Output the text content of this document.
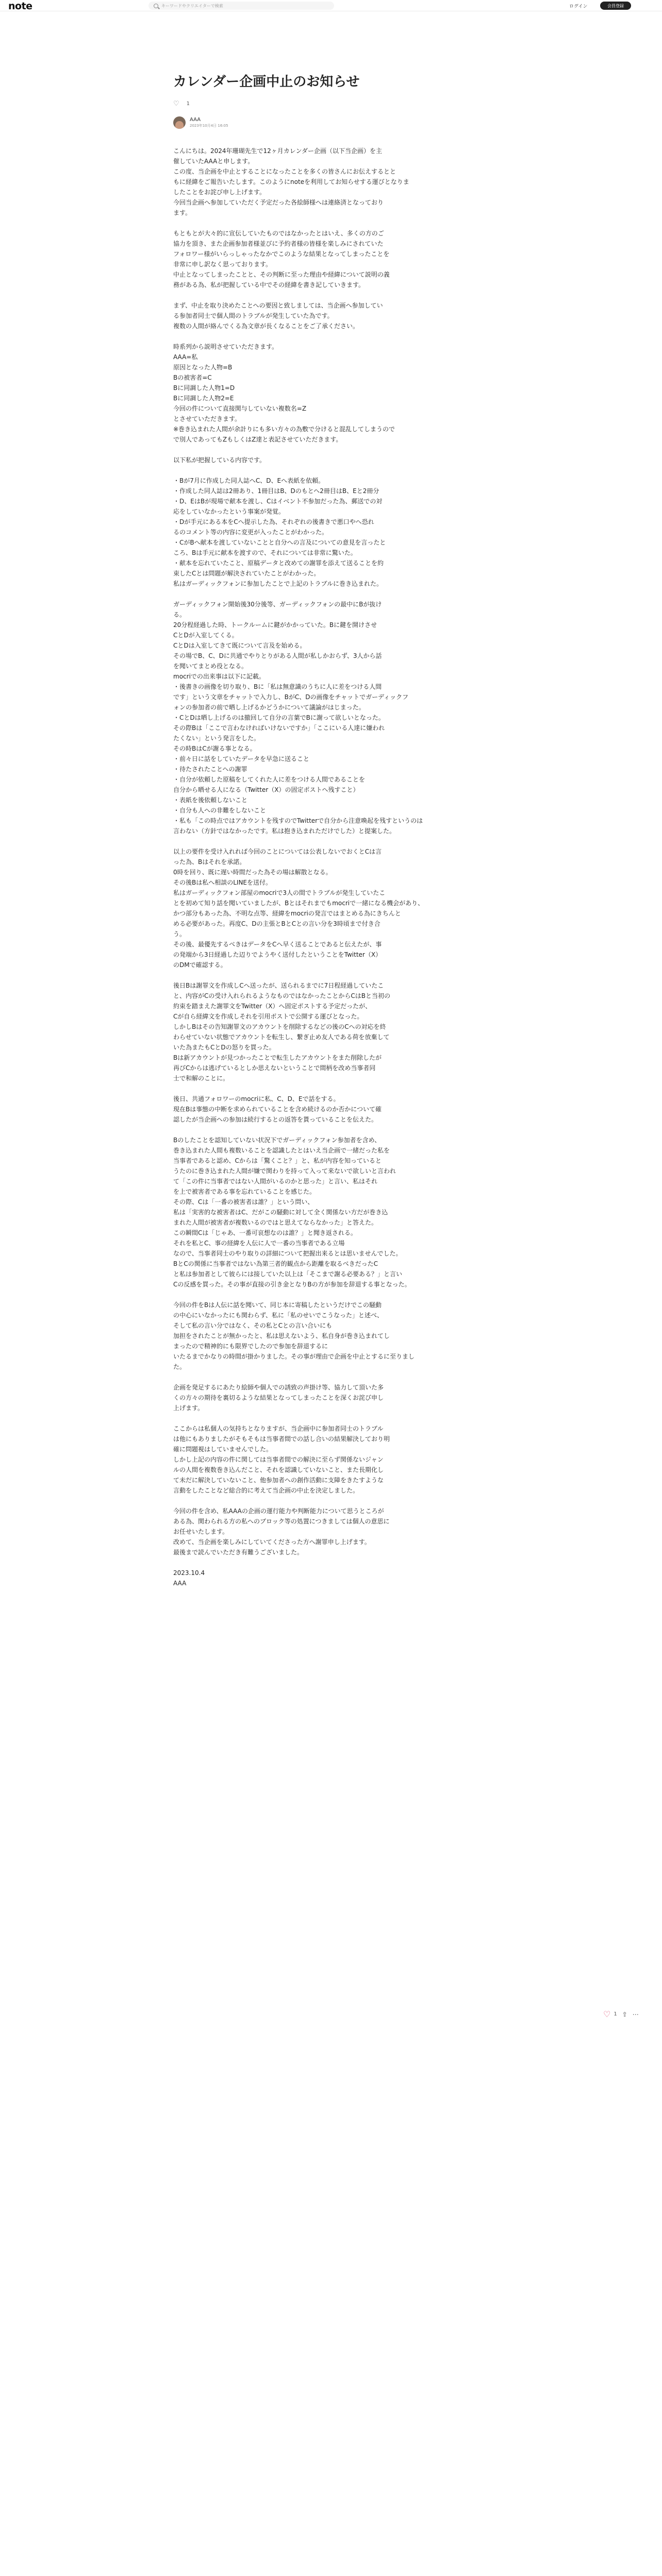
note	キーワードやクリエイターで検索	ログイン	会員登録
カレンダー企画中止のお知らせ
♡ 1
AAA
2023年10月4日 16:05

こんにちは。2024年珊瑚先生で12ヶ月カレンダー企画（以下当企画）を主
催していたAAAと申します。
この度、当企画を中止とすることになったことを多くの皆さんにお伝えするとと
もに経緯をご報告いたします。このようにnoteを利用してお知らせする運びとなりま
したことをお詫び申し上げます。
今回当企画へ参加していただく予定だった各絵師様へは連絡済となっており
ます。

もともとが大々的に宣伝していたものではなかったとはいえ、多くの方のご
協力を頂き、また企画参加者様並びに予約者様の皆様を楽しみにされていた
フォロワー様がいらっしゃったなかでこのような結果となってしまったことを
非常に申し訳なく思っております。
中止となってしまったことと、その判断に至った理由や経緯について説明の義
務がある為、私が把握している中でその経緯を書き記していきます。

まず、中止を取り決めたことへの要因と致しましては、当企画へ参加してい
る参加者同士で個人間のトラブルが発生していた為です。
複数の人間が絡んでくる為文章が長くなることをご了承ください。

時系列から説明させていただきます。
AAA=私
原因となった人物=B
Bの被害者=C
Bに同調した人物1=D
Bに同調した人物2=E
今回の件について直接関与していない複数名=Z
とさせていただきます。
※巻き込まれた人間が余計りにも多い方々の為敷で分けると混乱してしまうので
で別人であってもZもしくはZ達と表記させていただきます。

以下私が把握している内容です。

・Bが7月に作成した同人誌へC、D、Eへ表紙を依頼。
・作成した同人誌は2冊あり、1冊目はB、Dのもとへ2冊目はB、Eと2冊分
・D、EはBが現場で献本を渡し、Cはイベント不参加だった為、郵送での対
応をしていなかったという事案が発覚。
・Dが手元にある本をCへ提示した為、それぞれの後書きで悪口やへ恐れ
るのコメント等の内容に変更が入ったことがわかった。
・CがBへ献本を渡していないことと自分への言及についての意見を言ったと
ころ、Bは手元に献本を渡すので、それについては非常に驚いた。
・献本を忘れていたこと、原稿データと改めての謝罪を添えて送ることを約
束したCとは問題が解決されていたことがわかった。
私はガーディックフォンに参加したことで上記のトラブルに巻き込まれた。

ガーディックフォン開始後30分後等、ガーディックフォンの最中にBが抜け
る。
20分程経過した時、トークルームに鍵がかかっていた。Bに鍵を開けさせ
CとDが入室してくる。
CとDは入室してきて既について言及を始める。
その場でB、C、Dに共通でやりとりがある人間が私しかおらず、3人から話
を聞いてまとめ役となる。
mocriでの出来事は以下に記載。
・後書きの画像を切り取り、Bに「私は無意識のうちに人に差をつける人間
です」という文章をチャットで入力し、BがC、Dの画像をチャットでガーディックフ
ォンの参加者の前で晒し上げるかどうかについて議論がはじまった。
・CとDは晒し上げるのは撤回して自分の言葉でBに謝って欲しいとなった。
その際Bは「ここで言わなければいけないですか」「ここにいる人達に嫌われ
たくない」という発言をした。
その時BはCが謝る事となる。
・前々日に話をしていたデータを早急に送ること
・待たされたことへの謝罪
・自分が依頼した原稿をしてくれた人に差をつける人間であることを
自分から晒せる人になる（Twitter（X）の固定ポストへ残すこと）
・表紙を後依頼しないこと
・自分も人への非難をしないこと
・私も「この時点ではアカウントを残すのでTwitterで自分から注意喚起を残すというのは
言わない（方針ではなかったです。私は抱き込まれただけでした）と提案した。

以上の要件を受け入れれば今回のことについては公表しないでおくとCは言
った為、Bはそれを承諾。
0時を回り、既に遅い時間だった為その場は解散となる。
その後Bは私へ相談のLINEを送付。
私はガーディックフォン部屋のmocriで3人の間でトラブルが発生していたこ
とを初めて知り話を聞いていましたが、Bとはそれまでもmocriで一緒になる機会があり、
かつ部分もあった為、不明な点等、経緯をmocriの発言ではまとめる為にきちんと
める必要があった。再度C、Dの主張とBとCとの言い分を3時頃まで付き合
う。
その後、最優先するべきはデータをCへ早く送ることであると伝えたが、事
の発端から3日経過した辺りでようやく送付したということをTwitter（X）
のDMで確認する。

後日Bは謝罪文を作成しCへ送ったが、送られるまでに7日程経過していたこ
と、内容がCの受け入れられるようなものではなかったことからCはBと当初の
約束を踏まえた謝罪文をTwitter（X）へ固定ポストする予定だったが、
Cが自ら経緯文を作成しそれを引用ポストで公開する運びとなった。
しかしBはその告知謝罪文のアカウントを削除するなどの後のCへの対応を終
わらせていない状態でアカウントを転生し、繋ぎ止め友人である荷を放棄して
いた為またもCとDの怒りを買った。
Bは新アカウントが見つかったことで転生したアカウントをまた削除したが
再びCからは逃げているとしか思えないということで間柄を改め当事者同
士で和解のことに。

後日、共通フォロワーのmocriに私、C、D、Eで話をする。
現在Bは事態の中断を求められていることを含め続けるのか否かについて確
認したが当企画への参加は続行するとの返答を貰っていることを伝えた。

Bのしたことを認知していない状況下でガーディックフォン参加者を含め、
巻き込まれた人間も複数いることを認識したとはいえ当企画で一緒だった私を
当事者であると認め、Cからは「驚くこと？」と、私が内容を知っていると
うたのに巻き込まれた人間が嫌で関わりを持って入って来ないで欲しいと言われ
て「この件に当事者ではない人間がいるのかと思った」と言い、私はそれ
を上で被害者である事を忘れていることを感じた。
その際、Cは「一番の被害者は誰？」という問い、
私は「実害的な被害者はC、だがこの騒動に対して全く関係ない方だが巻き込
まれた人間が被害者が複数いるのではと思えてならなかった」と答えた。
この瞬間Cは「じゃあ、一番可哀想なのは誰？」と聞き返される。
それを私とC、事の経緯を人伝に人で一番の当事者である立場
なので、当事者同士のやり取りの詳細について把握出来るとは思いませんでした。
BとCの関係に当事者ではない為第三者的観点から距離を取るべきだったC
と私は参加者として彼らには接していた以上は「そこまで謝る必要ある？」と言い
Cの反感を買った。その事が直接の引き金となりBの方が参加を辞退する事となった。

今回の件をBは人伝に話を聞いて、同じ本に寄稿したというだけでこの騒動
の中心にいなかったにも関わらず、私に「私のせいでこうなった」と述べ、
そして私の言い分ではなく、その私とCとの言い合いにも
加担をされたことが無かったと、私は思えないよう、私自身が巻き込まれてし
まったので精神的にも限界でしたので参加を辞退するに
いたるまでかなりの時間が掛かりました。その事が理由で企画を中止とするに至りまし
た。

企画を発足するにあたり絵師や個人での誘致の声掛け等、協力して頂いた多
くの方々の期待を裏切るような結果となってしまったことを深くお詫び申し
上げます。

ここからは私個人の気持ちとなりますが、当企画中に参加者同士のトラブル
は他にもありましたがそもそもは当事者間での話し合いの結果解決しており明
確に問題視はしていませんでした。
しかし上記の内容の件に関しては当事者間での解決に至らず関係ないジャン
ルの人間を複数巻き込んだこと、それを認識していないこと、また長期化し
て未だに解決していないこと、他参加者への創作活動に支障をきたすような
言動をしたことなど総合的に考えて当企画の中止を決定しました。

今回の件を含め、私AAAの企画の運行能力や判断能力について思うところが
ある為、関わられる方の私へのブロック等の処置につきましては個人の意思に
お任せいたします。
改めて、当企画を楽しみにしていてくださった方へ謝罪申し上げます。
最後まで読んでいただき有難うございました。

2023.10.4
AAA
♡ 1 ⇪ ⋯
